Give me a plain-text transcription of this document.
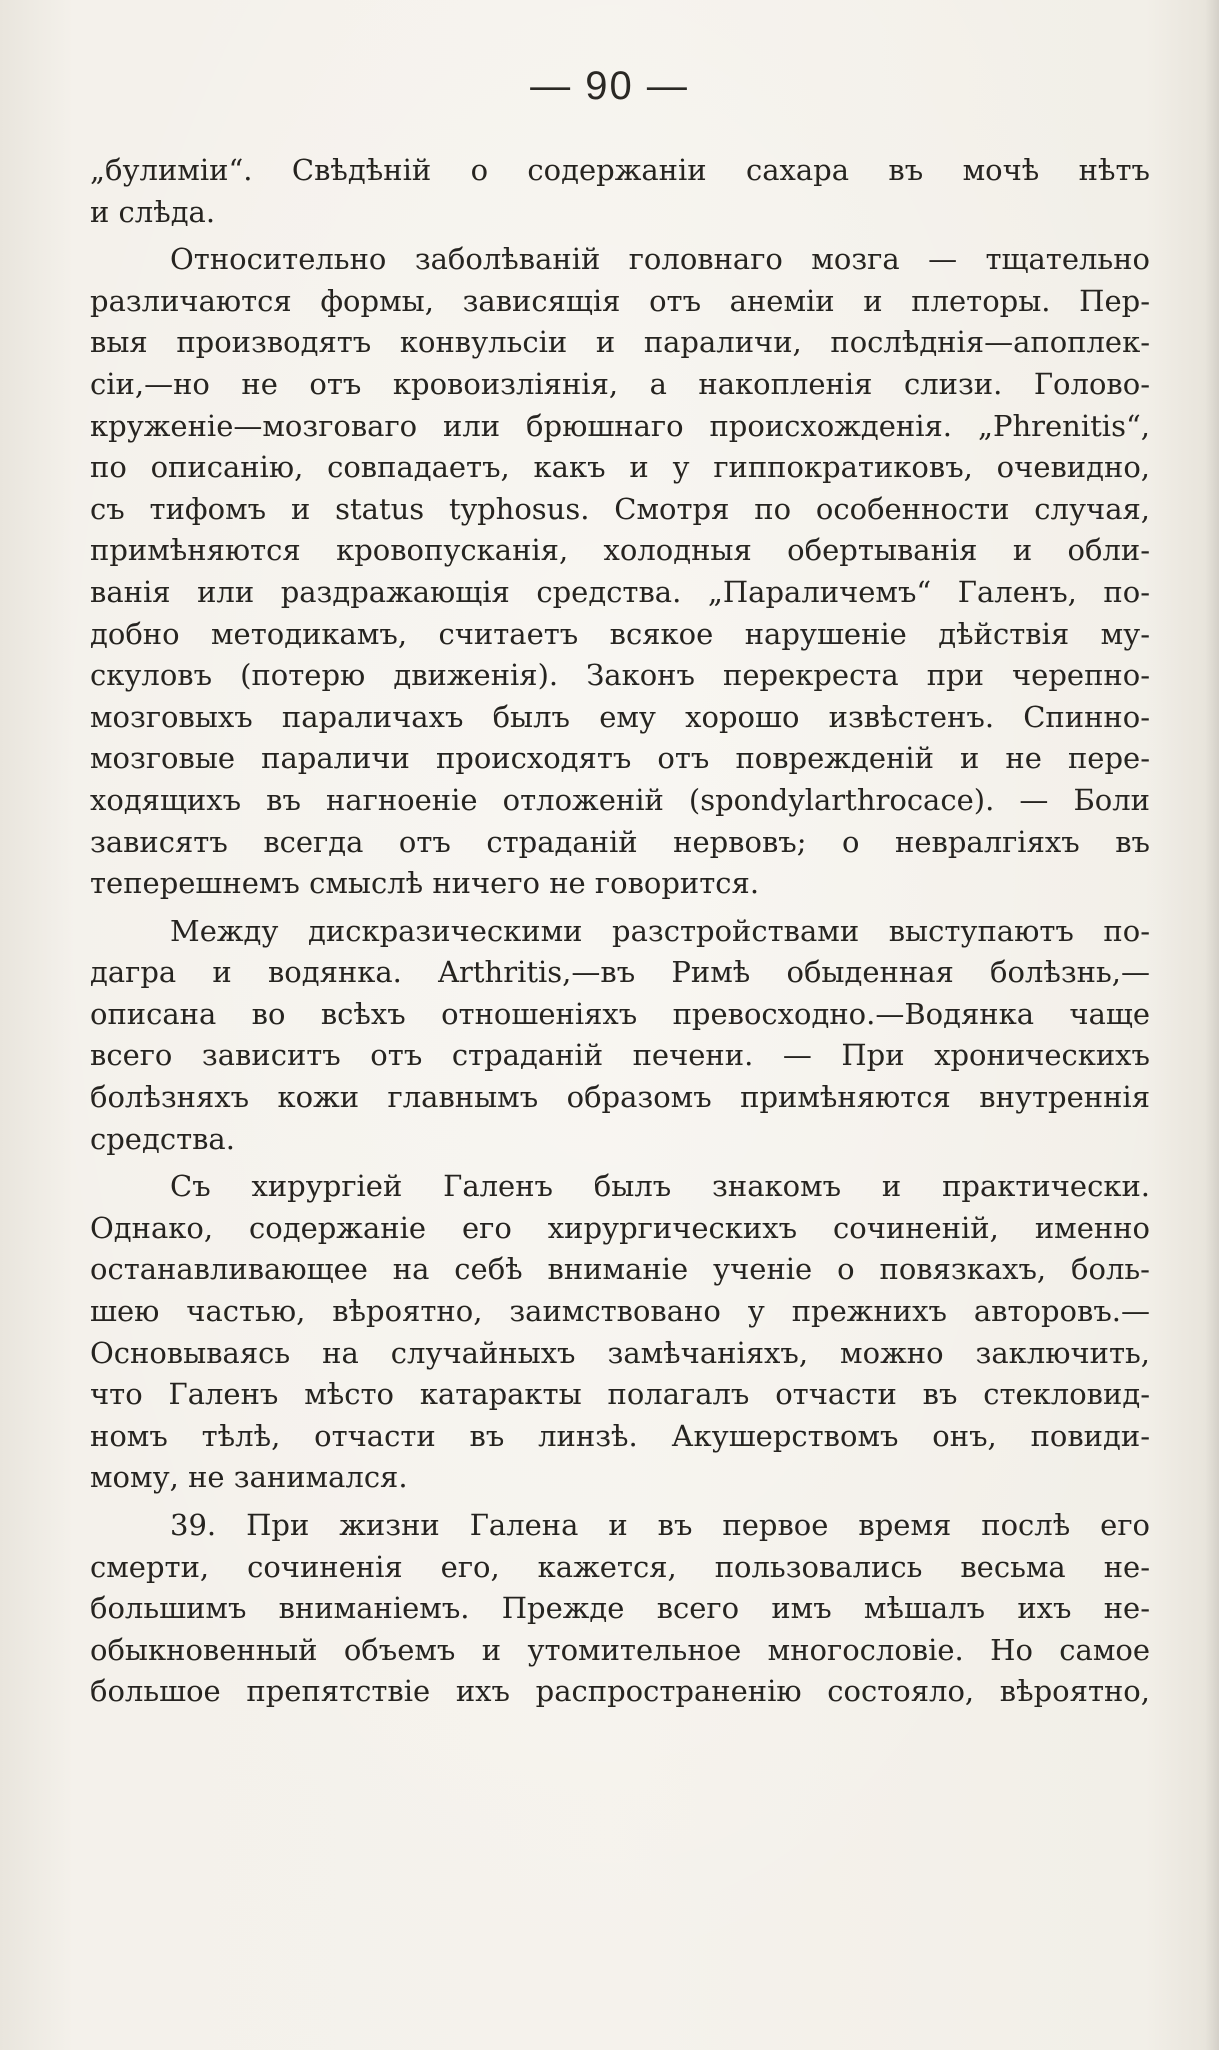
— 90 —
„булиміи“. Свѣдѣній о содержаніи сахара въ мочѣ нѣтъ
и слѣда.
Относительно заболѣваній головнаго мозга — тщательно
различаются формы, зависящія отъ анеміи и плеторы. Пер-
выя производятъ конвульсіи и параличи, послѣднія—апоплек-
сіи,—но не отъ кровоизліянія, а накопленія слизи. Голово-
круженіе—мозговаго или брюшнаго происхожденія. „Phrenitis“,
по описанію, совпадаетъ, какъ и у гиппократиковъ, очевидно,
съ тифомъ и status typhosus. Смотря по особенности случая,
примѣняются кровопусканія, холодныя обертыванія и обли-
ванія или раздражающія средства. „Параличемъ“ Галенъ, по-
добно методикамъ, считаетъ всякое нарушеніе дѣйствія му-
скуловъ (потерю движенія). Законъ перекреста при черепно-
мозговыхъ параличахъ былъ ему хорошо извѣстенъ. Спинно-
мозговые параличи происходятъ отъ поврежденій и не пере-
ходящихъ въ нагноеніе отложеній (spondylarthrocace). — Боли
зависятъ всегда отъ страданій нервовъ; о невралгіяхъ въ
теперешнемъ смыслѣ ничего не говорится.
Между дискразическими разстройствами выступаютъ по-
дагра и водянка. Arthritis,—въ Римѣ обыденная болѣзнь,—
описана во всѣхъ отношеніяхъ превосходно.—Водянка чаще
всего зависитъ отъ страданій печени. — При хроническихъ
болѣзняхъ кожи главнымъ образомъ примѣняются внутреннія
средства.
Съ хирургіей Галенъ былъ знакомъ и практически.
Однако, содержаніе его хирургическихъ сочиненій, именно
останавливающее на себѣ вниманіе ученіе о повязкахъ, боль-
шею частью, вѣроятно, заимствовано у прежнихъ авторовъ.—
Основываясь на случайныхъ замѣчаніяхъ, можно заключить,
что Галенъ мѣсто катаракты полагалъ отчасти въ стекловид-
номъ тѣлѣ, отчасти въ линзѣ. Акушерствомъ онъ, повиди-
мому, не занимался.
39. При жизни Галена и въ первое время послѣ его
смерти, сочиненія его, кажется, пользовались весьма не-
большимъ вниманіемъ. Прежде всего имъ мѣшалъ ихъ не-
обыкновенный объемъ и утомительное многословіе. Но самое
большое препятствіе ихъ распространенію состояло, вѣроятно,
